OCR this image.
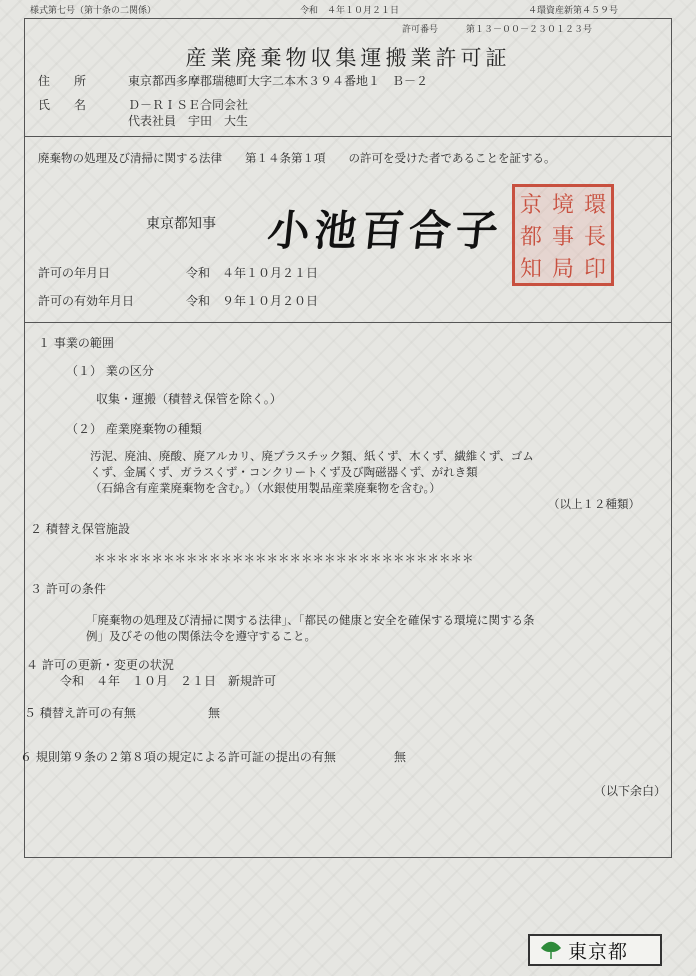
様式第七号（第十条の二関係）	令和　４年１０月２１日	４環資産新第４５９号
許可番号	第１３－００－２３０１２３号
産業廃棄物収集運搬業許可証
住　所	東京都西多摩郡瑞穂町大字二本木３９４番地１　Ｂ－２
氏　名	Ｄ－ＲＩＳＥ合同会社
代表社員　宇田　大生
廃棄物の処理及び清掃に関する法律　　第１４条第１項　　の許可を受けた者であることを証する。
東京都知事 小池百合子
京 境 環
都 事 長
知 局 印
許可の年月日	令和　４年１０月２１日
許可の有効年月日	令和　９年１０月２０日
１ 事業の範囲
（１） 業の区分
収集・運搬（積替え保管を除く。）
（２） 産業廃棄物の種類
汚泥、廃油、廃酸、廃アルカリ、廃プラスチック類、紙くず、木くず、繊維くず、ゴム
くず、金属くず、ガラスくず・コンクリートくず及び陶磁器くず、がれき類
（石綿含有産業廃棄物を含む。）（水銀使用製品産業廃棄物を含む。）
（以上１２種類）
２ 積替え保管施設
＊＊＊＊＊＊＊＊＊＊＊＊＊＊＊＊＊＊＊＊＊＊＊＊＊＊＊＊＊＊＊＊＊
３ 許可の条件
「廃棄物の処理及び清掃に関する法律」、「都民の健康と安全を確保する環境に関する条
例」及びその他の関係法令を遵守すること。
４ 許可の更新・変更の状況
令和　４年　１０月　２１日　新規許可
５ 積替え許可の有無	無
６ 規則第９条の２第８項の規定による許可証の提出の有無	無
（以下余白）
東京都
